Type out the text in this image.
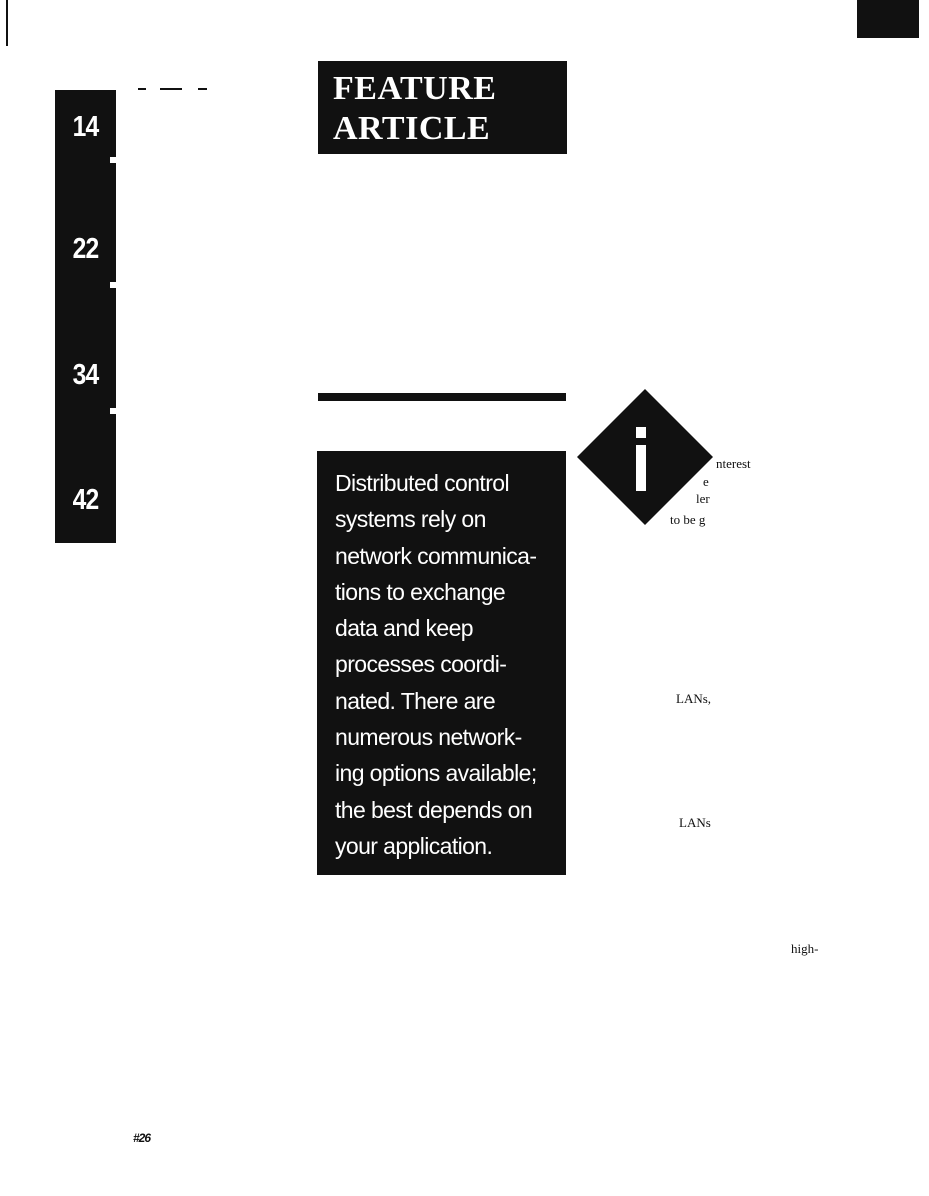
14
22
34
42
FEATURE
ARTICLE
Distributed control
systems rely on
network communica-
tions to exchange
data and keep
processes coordi-
nated. There are
numerous network-
ing options available;
the best depends on
your application.
i
nterest
e
ler
to be g
LANs,
LANs
high-
#26
